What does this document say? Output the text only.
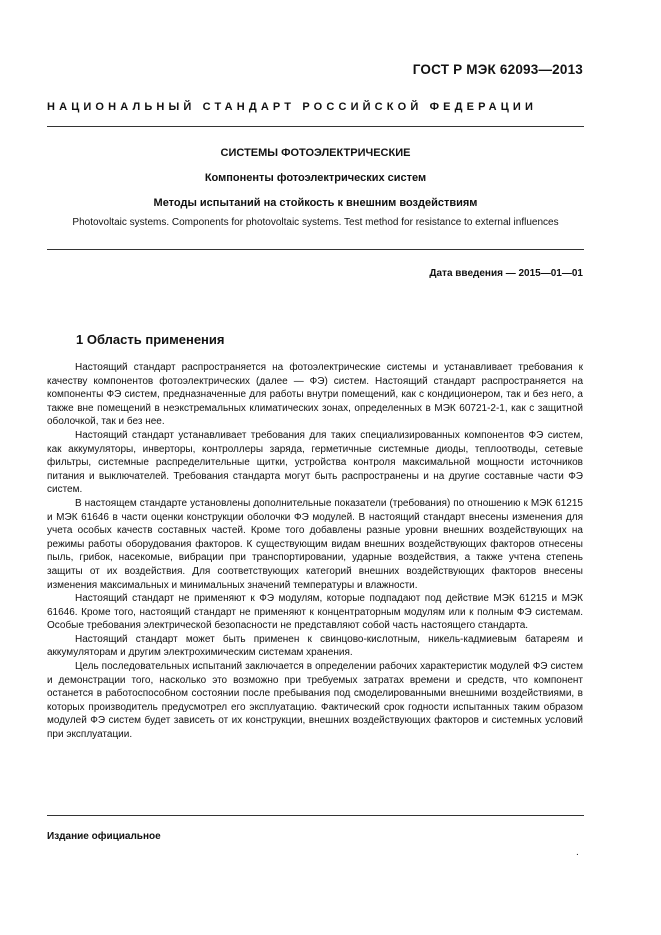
ГОСТ Р МЭК 62093—2013
НАЦИОНАЛЬНЫЙ СТАНДАРТ РОССИЙСКОЙ ФЕДЕРАЦИИ
СИСТЕМЫ ФОТОЭЛЕКТРИЧЕСКИЕ
Компоненты фотоэлектрических систем
Методы испытаний на стойкость к внешним воздействиям
Photovoltaic systems. Components for photovoltaic systems. Test method for resistance to external influences
Дата введения — 2015—01—01
1 Область применения

Настоящий стандарт распространяется на фотоэлектрические системы и устанавливает требования к качеству компонентов фотоэлектрических (далее — ФЭ) систем. Настоящий стандарт распространяется на компоненты ФЭ систем, предназначенные для работы внутри помещений, как с кондиционером, так и без него, а также вне помещений в неэкстремальных климатических зонах, определенных в МЭК 60721-2-1, как с защитной оболочкой, так и без нее.

Настоящий стандарт устанавливает требования для таких специализированных компонентов ФЭ систем, как аккумуляторы, инверторы, контроллеры заряда, герметичные системные диоды, теплоотводы, сетевые фильтры, системные распределительные щитки, устройства контроля максимальной мощности источников питания и выключателей. Требования стандарта могут быть распространены и на другие составные части ФЭ систем.

В настоящем стандарте установлены дополнительные показатели (требования) по отношению к МЭК 61215 и МЭК 61646 в части оценки конструкции оболочки ФЭ модулей. В настоящий стандарт внесены изменения для учета особых качеств составных частей. Кроме того добавлены разные уровни внешних воздействующих на режимы работы оборудования факторов. К существующим видам внешних воздействующих факторов отнесены пыль, грибок, насекомые, вибрации при транспортировании, ударные воздействия, а также учтена степень защиты от их воздействия. Для соответствующих категорий внешних воздействующих факторов внесены изменения максимальных и минимальных значений температуры и влажности.

Настоящий стандарт не применяют к ФЭ модулям, которые подпадают под действие МЭК 61215 и МЭК 61646. Кроме того, настоящий стандарт не применяют к концентраторным модулям или к полным ФЭ системам. Особые требования электрической безопасности не представляют собой часть настоящего стандарта.

Настоящий стандарт может быть применен к свинцово-кислотным, никель-кадмиевым батареям и аккумуляторам и другим электрохимическим системам хранения.

Цель последовательных испытаний заключается в определении рабочих характеристик модулей ФЭ систем и демонстрации того, насколько это возможно при требуемых затратах времени и средств, что компонент останется в работоспособном состоянии после пребывания под смоделированными внешними воздействиями, в которых производитель предусмотрел его эксплуатацию. Фактический срок годности испытанных таким образом модулей ФЭ систем будет зависеть от их конструкции, внешних воздействующих факторов и системных условий при эксплуатации.

Издание официальное
.
